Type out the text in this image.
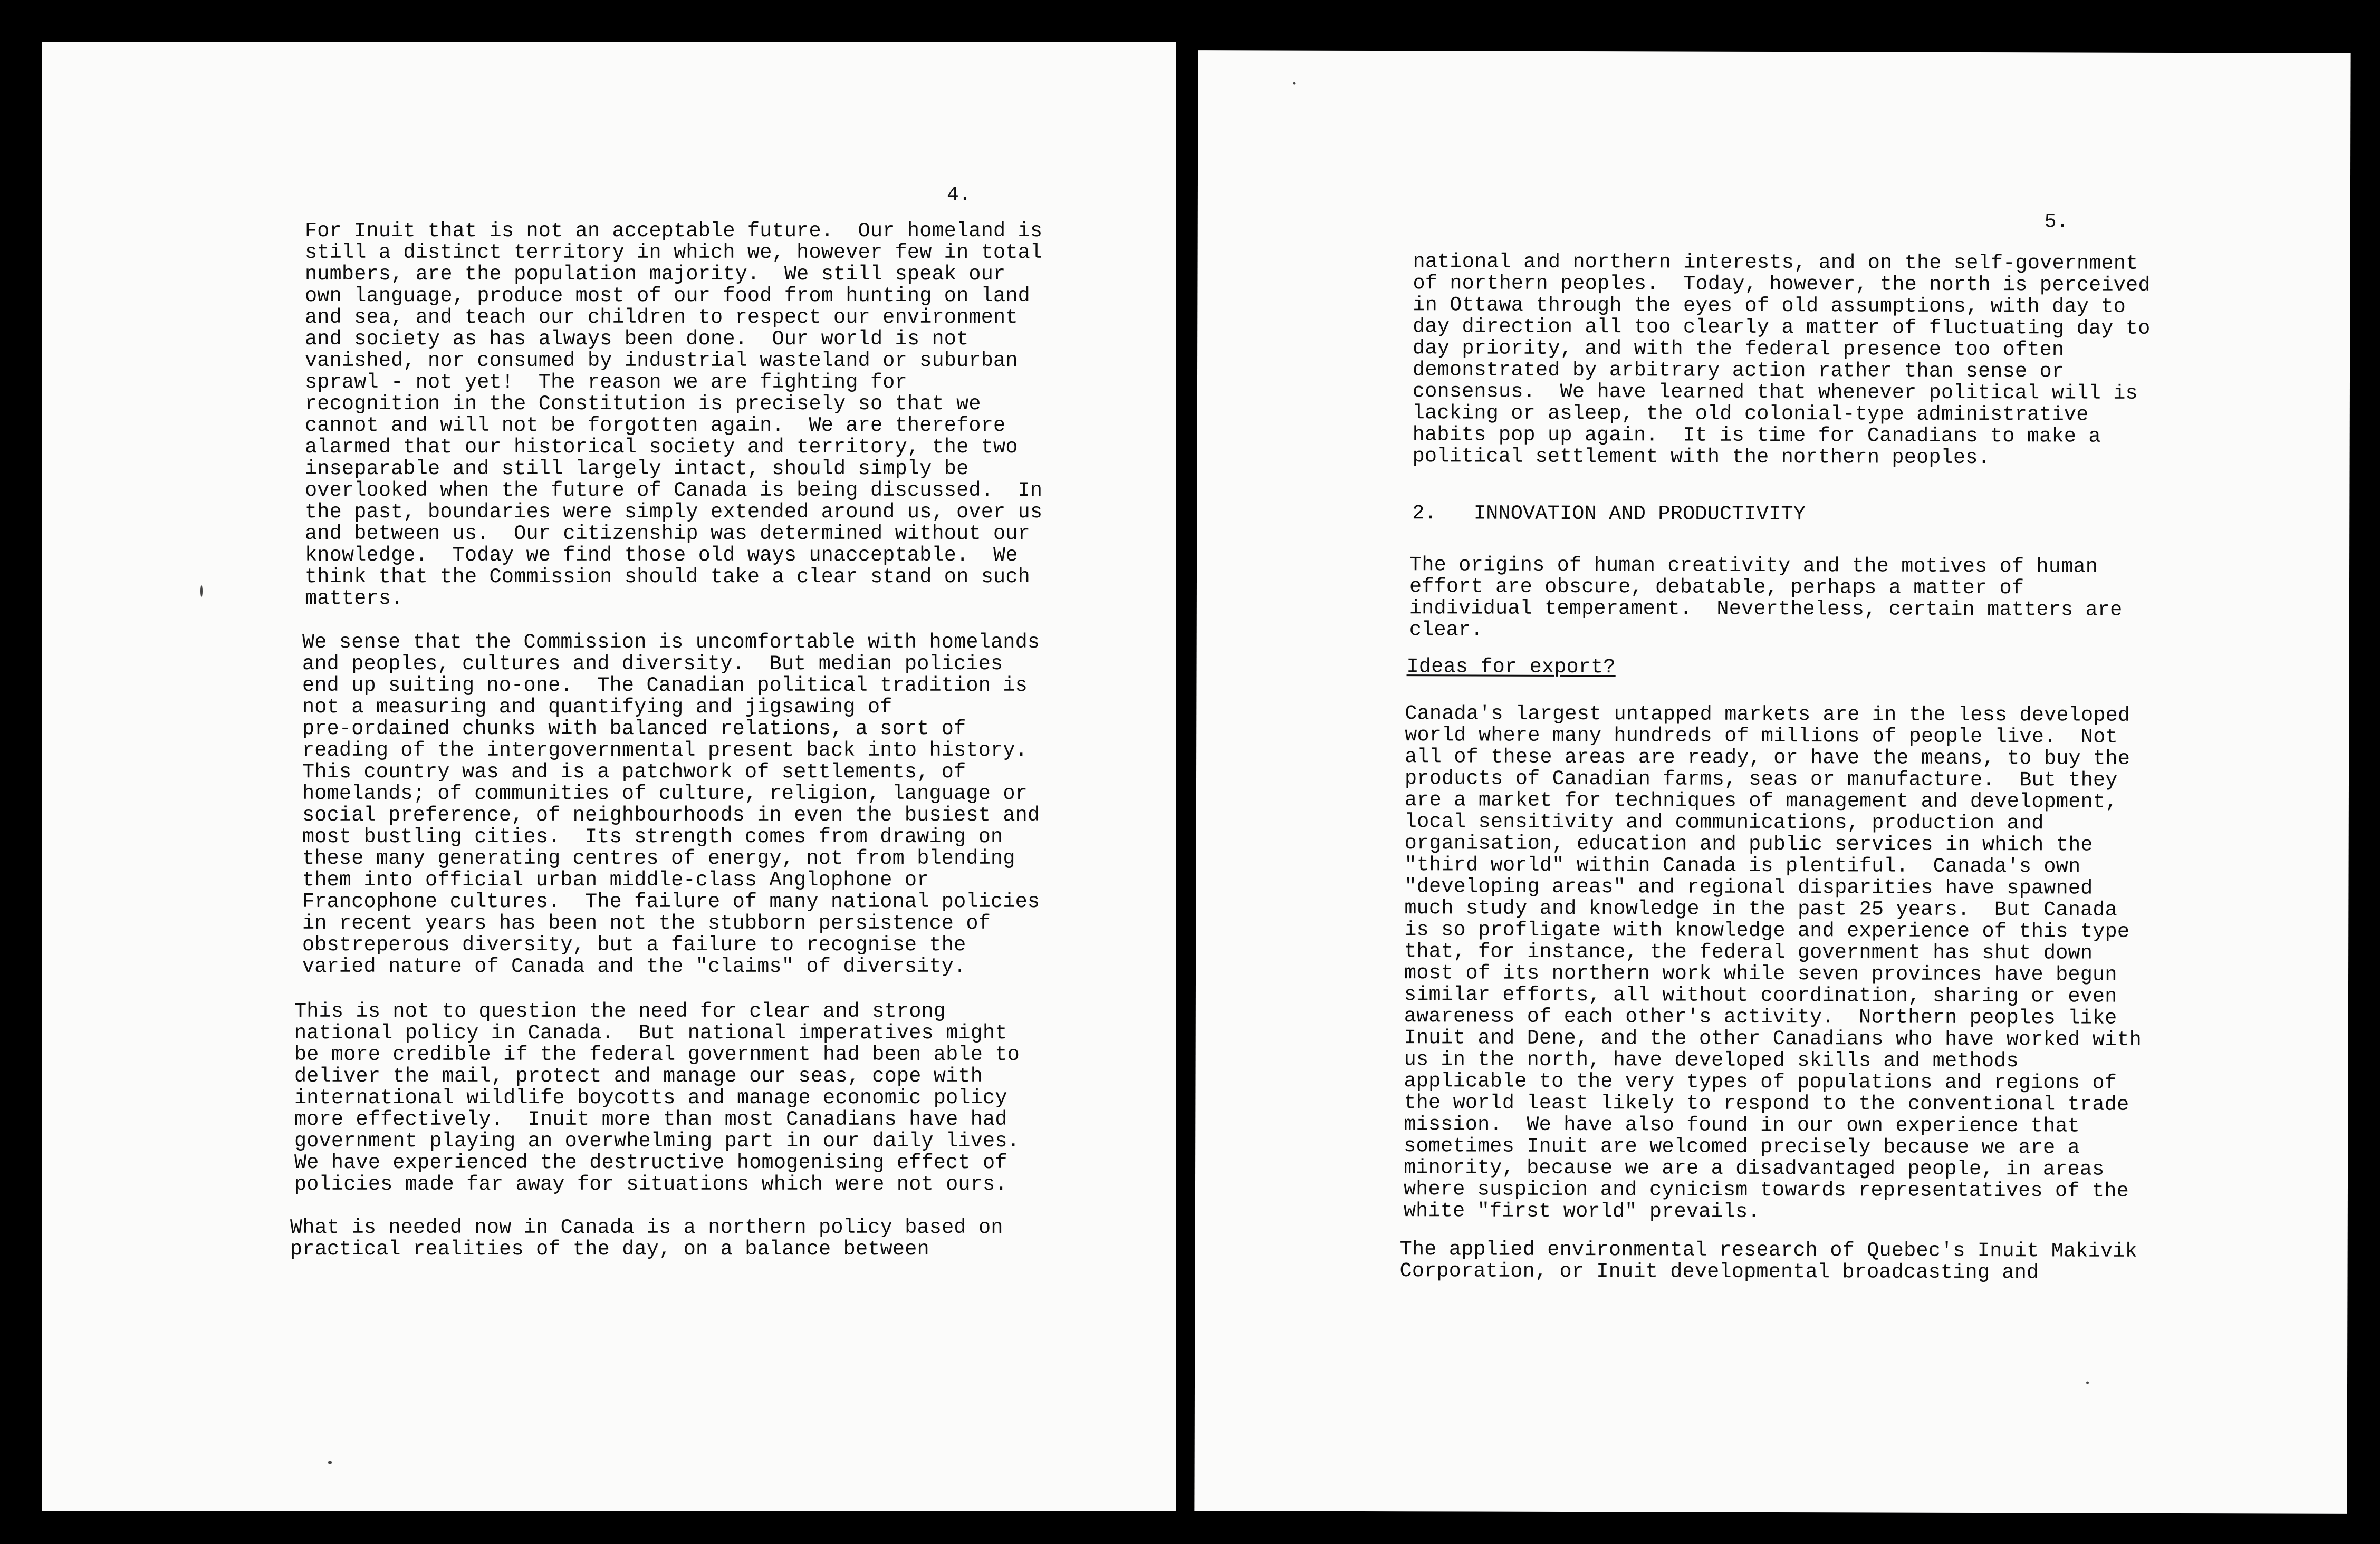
4.

For Inuit that is not an acceptable future.  Our homeland is
still a distinct territory in which we, however few in total
numbers, are the population majority.  We still speak our
own language, produce most of our food from hunting on land
and sea, and teach our children to respect our environment
and society as has always been done.  Our world is not
vanished, nor consumed by industrial wasteland or suburban
sprawl - not yet!  The reason we are fighting for
recognition in the Constitution is precisely so that we
cannot and will not be forgotten again.  We are therefore
alarmed that our historical society and territory, the two
inseparable and still largely intact, should simply be
overlooked when the future of Canada is being discussed.  In
the past, boundaries were simply extended around us, over us
and between us.  Our citizenship was determined without our
knowledge.  Today we find those old ways unacceptable.  We
think that the Commission should take a clear stand on such
matters.

We sense that the Commission is uncomfortable with homelands
and peoples, cultures and diversity.  But median policies
end up suiting no-one.  The Canadian political tradition is
not a measuring and quantifying and jigsawing of
pre-ordained chunks with balanced relations, a sort of
reading of the intergovernmental present back into history.
This country was and is a patchwork of settlements, of
homelands; of communities of culture, religion, language or
social preference, of neighbourhoods in even the busiest and
most bustling cities.  Its strength comes from drawing on
these many generating centres of energy, not from blending
them into official urban middle-class Anglophone or
Francophone cultures.  The failure of many national policies
in recent years has been not the stubborn persistence of
obstreperous diversity, but a failure to recognise the
varied nature of Canada and the "claims" of diversity.

This is not to question the need for clear and strong
national policy in Canada.  But national imperatives might
be more credible if the federal government had been able to
deliver the mail, protect and manage our seas, cope with
international wildlife boycotts and manage economic policy
more effectively.  Inuit more than most Canadians have had
government playing an overwhelming part in our daily lives.
We have experienced the destructive homogenising effect of
policies made far away for situations which were not ours.

What is needed now in Canada is a northern policy based on
practical realities of the day, on a balance between

5.

national and northern interests, and on the self-government
of northern peoples.  Today, however, the north is perceived
in Ottawa through the eyes of old assumptions, with day to
day direction all too clearly a matter of fluctuating day to
day priority, and with the federal presence too often
demonstrated by arbitrary action rather than sense or
consensus.  We have learned that whenever political will is
lacking or asleep, the old colonial-type administrative
habits pop up again.  It is time for Canadians to make a
political settlement with the northern peoples.

2.   INNOVATION AND PRODUCTIVITY

The origins of human creativity and the motives of human
effort are obscure, debatable, perhaps a matter of
individual temperament.  Nevertheless, certain matters are
clear.

Ideas for export?

Canada's largest untapped markets are in the less developed
world where many hundreds of millions of people live.  Not
all of these areas are ready, or have the means, to buy the
products of Canadian farms, seas or manufacture.  But they
are a market for techniques of management and development,
local sensitivity and communications, production and
organisation, education and public services in which the
"third world" within Canada is plentiful.  Canada's own
"developing areas" and regional disparities have spawned
much study and knowledge in the past 25 years.  But Canada
is so profligate with knowledge and experience of this type
that, for instance, the federal government has shut down
most of its northern work while seven provinces have begun
similar efforts, all without coordination, sharing or even
awareness of each other's activity.  Northern peoples like
Inuit and Dene, and the other Canadians who have worked with
us in the north, have developed skills and methods
applicable to the very types of populations and regions of
the world least likely to respond to the conventional trade
mission.  We have also found in our own experience that
sometimes Inuit are welcomed precisely because we are a
minority, because we are a disadvantaged people, in areas
where suspicion and cynicism towards representatives of the
white "first world" prevails.

The applied environmental research of Quebec's Inuit Makivik
Corporation, or Inuit developmental broadcasting and
